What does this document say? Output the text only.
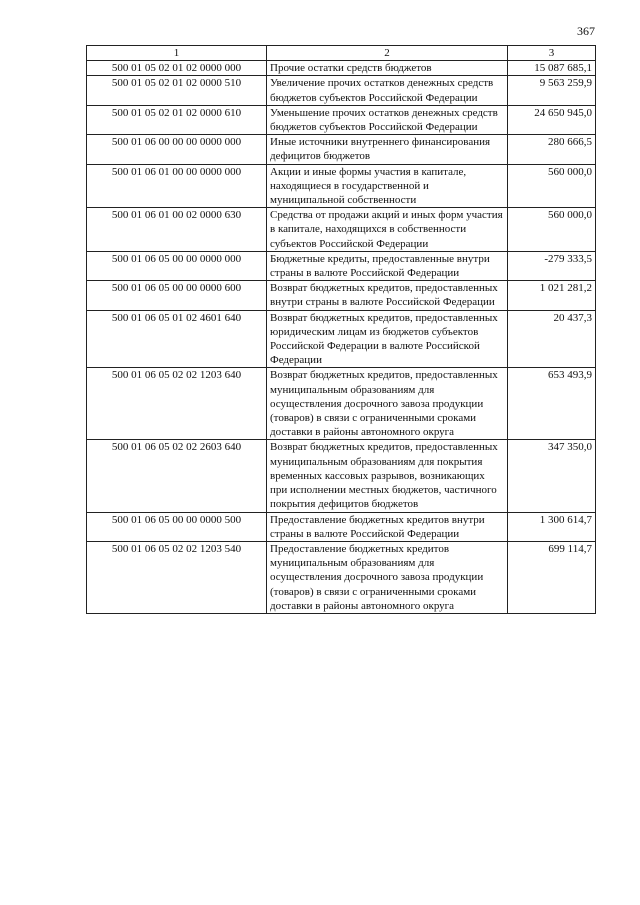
367
1	2	3
500 01 05 02 01 02 0000 000	Прочие остатки средств бюджетов	15 087 685,1
500 01 05 02 01 02 0000 510	Увеличение прочих остатков денежных средств бюджетов субъектов Российской Федерации	9 563 259,9
500 01 05 02 01 02 0000 610	Уменьшение прочих остатков денежных средств бюджетов субъектов Российской Федерации	24 650 945,0
500 01 06 00 00 00 0000 000	Иные источники внутреннего финансирования дефицитов бюджетов	280 666,5
500 01 06 01 00 00 0000 000	Акции и иные формы участия в капитале, находящиеся в государственной и муниципальной собственности	560 000,0
500 01 06 01 00 02 0000 630	Средства от продажи акций и иных форм участия в капитале, находящихся в собственности субъектов Российской Федерации	560 000,0
500 01 06 05 00 00 0000 000	Бюджетные кредиты, предоставленные внутри страны в валюте Российской Федерации	-279 333,5
500 01 06 05 00 00 0000 600	Возврат бюджетных кредитов, предоставленных внутри страны в валюте Российской Федерации	1 021 281,2
500 01 06 05 01 02 4601 640	Возврат бюджетных кредитов, предоставленных юридическим лицам из бюджетов субъектов Российской Федерации в валюте Российской Федерации	20 437,3
500 01 06 05 02 02 1203 640	Возврат бюджетных кредитов, предоставленных муниципальным образованиям для осуществления досрочного завоза продукции (товаров) в связи с ограниченными сроками доставки в районы автономного округа	653 493,9
500 01 06 05 02 02 2603 640	Возврат бюджетных кредитов, предоставленных муниципальным образованиям для покрытия временных кассовых разрывов, возникающих при исполнении местных бюджетов, частичного покрытия дефицитов бюджетов	347 350,0
500 01 06 05 00 00 0000 500	Предоставление бюджетных кредитов внутри страны в валюте Российской Федерации	1 300 614,7
500 01 06 05 02 02 1203 540	Предоставление бюджетных кредитов муниципальным образованиям для осуществления досрочного завоза продукции (товаров) в связи с ограниченными сроками доставки в районы автономного округа	699 114,7
